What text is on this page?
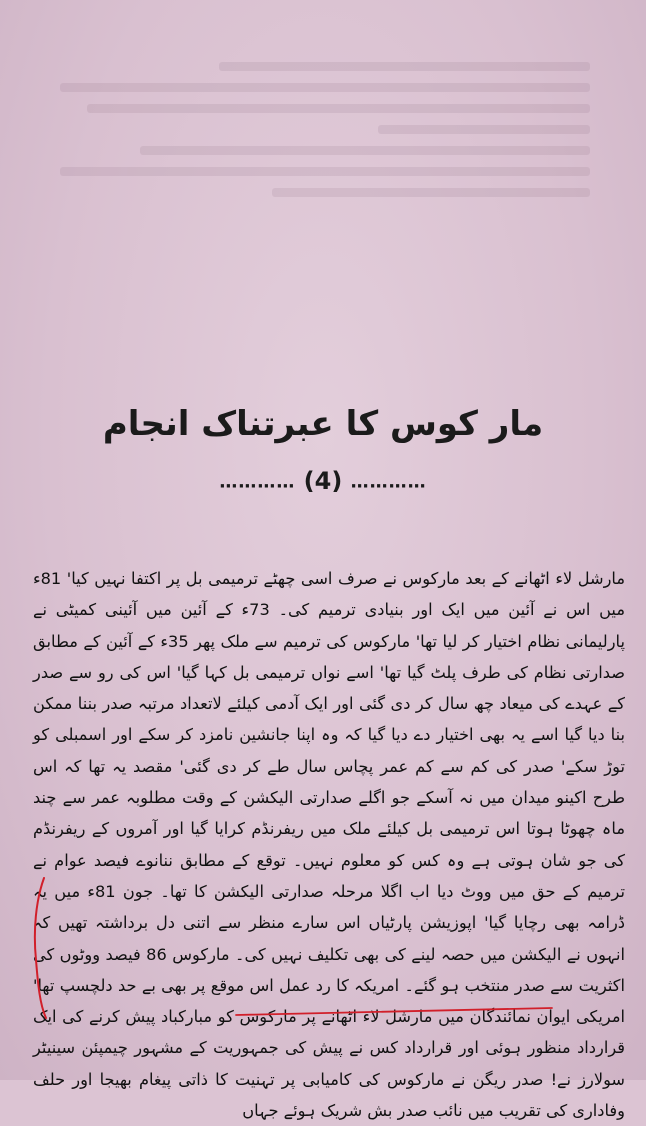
مار کوس کا عبرتناک انجام
………… (4) …………

مارشل لاء اٹھانے کے بعد مارکوس نے صرف اسی چھٹے ترمیمی بل پر اکتفا نہیں کیا' 81ء میں اس نے آئین میں ایک اور بنیادی ترمیم کی۔ 73ء کے آئین میں آئینی کمیٹی نے پارلیمانی نظام اختیار کر لیا تھا' مارکوس کی ترمیم سے ملک پھر 35ء کے آئین کے مطابق صدارتی نظام کی طرف پلٹ گیا تھا' اسے نواں ترمیمی بل کہا گیا' اس کی رو سے صدر کے عہدے کی میعاد چھ سال کر دی گئی اور ایک آدمی کیلئے لاتعداد مرتبہ صدر بننا ممکن بنا دیا گیا اسے یہ بھی اختیار دے دیا گیا کہ وہ اپنا جانشین نامزد کر سکے اور اسمبلی کو توڑ سکے' صدر کی کم سے کم عمر پچاس سال طے کر دی گئی' مقصد یہ تھا کہ اس طرح اکینو میدان میں نہ آسکے جو اگلے صدارتی الیکشن کے وقت مطلوبہ عمر سے چند ماہ چھوٹا ہوتا اس ترمیمی بل کیلئے ملک میں ریفرنڈم کرایا گیا اور آمروں کے ریفرنڈم کی جو شان ہوتی ہے وہ کس کو معلوم نہیں۔ توقع کے مطابق ننانوے فیصد عوام نے ترمیم کے حق میں ووٹ دیا اب اگلا مرحلہ صدارتی الیکشن کا تھا۔ جون 81ء میں یہ ڈرامہ بھی رچایا گیا' اپوزیشن پارٹیاں اس سارے منظر سے اتنی دل برداشتہ تھیں کہ انہوں نے الیکشن میں حصہ لینے کی بھی تکلیف نہیں کی۔ مارکوس 86 فیصد ووٹوں کی اکثریت سے صدر منتخب ہو گئے۔ امریکہ کا رد عمل اس موقع پر بھی بے حد دلچسپ تھا' امریکی ایوان نمائندگان میں مارشل لاء اٹھانے پر مارکوس کو مبارکباد پیش کرنے کی ایک قرارداد منظور ہوئی اور قرارداد کس نے پیش کی جمہوریت کے مشہور چیمپئن سینیٹر سولارز نے! صدر ریگن نے مارکوس کی کامیابی پر تہنیت کا ذاتی پیغام بھیجا اور حلف وفاداری کی تقریب میں نائب صدر بش شریک ہوئے جہاں
